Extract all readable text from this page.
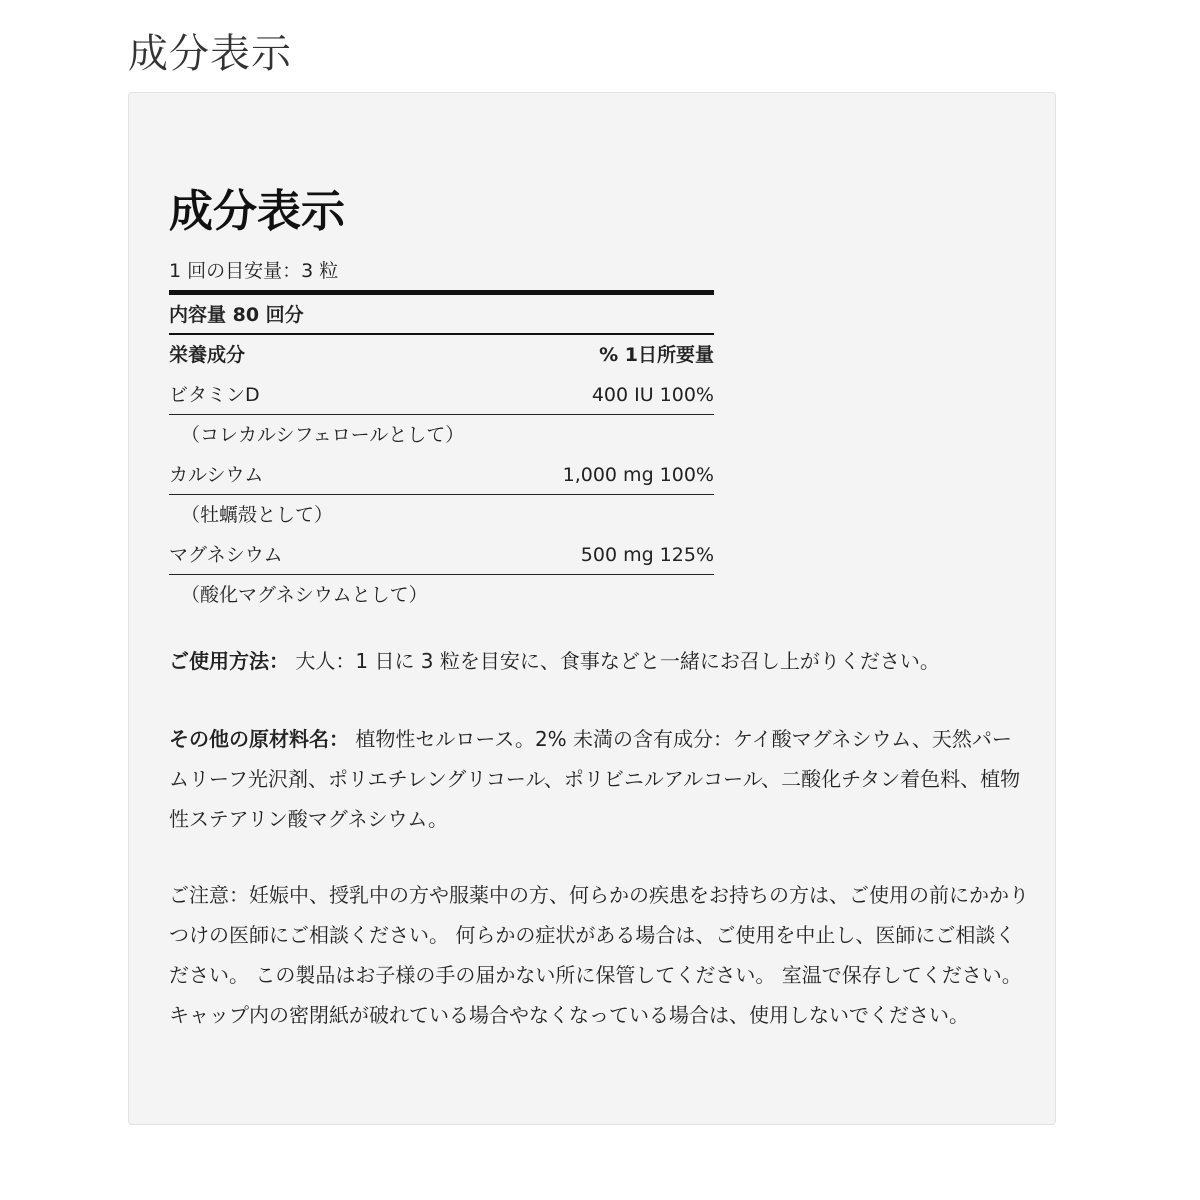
成分表示
成分表示
1 回の目安量：3 粒
内容量 80 回分
栄養成分	% 1日所要量
ビタミンD	400 IU 100%
（コレカルシフェロールとして）
カルシウム	1,000 mg 100%
（牡蠣殻として）
マグネシウム	500 mg 125%
（酸化マグネシウムとして）

ご使用方法： 大人：1 日に 3 粒を目安に、食事などと一緒にお召し上がりください。

その他の原材料名： 植物性セルロース。2% 未満の含有成分：ケイ酸マグネシウム、天然パームリーフ光沢剤、ポリエチレングリコール、ポリビニルアルコール、二酸化チタン着色料、植物性ステアリン酸マグネシウム。

ご注意：妊娠中、授乳中の方や服薬中の方、何らかの疾患をお持ちの方は、ご使用の前にかかりつけの医師にご相談ください。 何らかの症状がある場合は、ご使用を中止し、医師にご相談ください。 この製品はお子様の手の届かない所に保管してください。 室温で保存してください。 キャップ内の密閉紙が破れている場合やなくなっている場合は、使用しないでください。
